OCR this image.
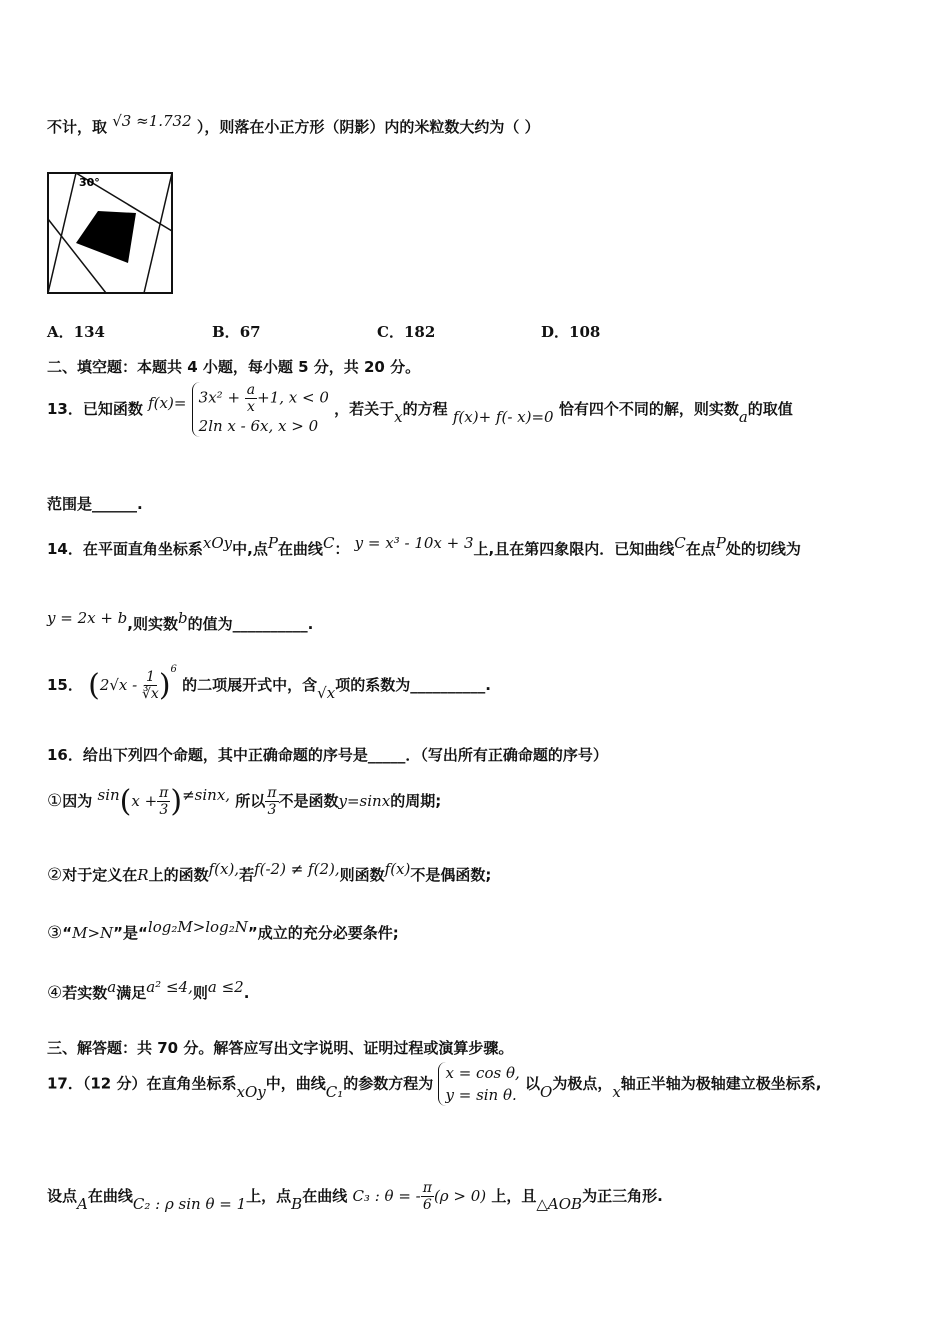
不计，取 √3 ≈1.732 ），则落在小正方形（阴影）内的米粒数大约为（ ）
30°
A．134	B．67	C．182	D．108
二、填空题：本题共 4 小题，每小题 5 分，共 20 分。
13．已知函数 $f(x)= 3x^2 + \frac{a}{x} +1$, x < 0
2ln x - 6x, x > 0
，若关于x的方程 f(x)+ f(- x)=0 恰有四个不同的解，则实数a的取值
范围是______.
14．在平面直角坐标系xOy中,点P在曲线C： y = x³ - 10x + 3上,且在第四象限内．已知曲线C在点P处的切线为
y = 2x + b,则实数b的值为__________.
15． $(2√x - \frac{1}{∛x} )^6$ 的二项展开式中，含√x项的系数为__________.
16．给出下列四个命题，其中正确命题的序号是_____．（写出所有正确命题的序号）
①因为 $\sin(x + \frac{\pi}{3} )\ne\sin x$, 所以 $\frac{\pi}{3}$ 不是函数y=sinx的周期;
②对于定义在R上的函数f(x),若f(-2) ≠ f(2),则函数f(x)不是偶函数;
③“M>N”是“log₂M>log₂N”成立的充分必要条件;
④若实数a满足a² ≤4,则a ≤2.
三、解答题：共 70 分。解答应写出文字说明、证明过程或演算步骤。
17．（12 分）在直角坐标系xOy中，曲线C₁的参数方程为
x = cos θ,
y = sin θ.
以O为极点，x轴正半轴为极轴建立极坐标系,
设点A在曲线C₂ : ρ sin θ = 1上，点B在曲线 C₃ : θ = - $\frac{\pi}{6} (\rho > 0)$ 上，且△AOB为正三角形.
